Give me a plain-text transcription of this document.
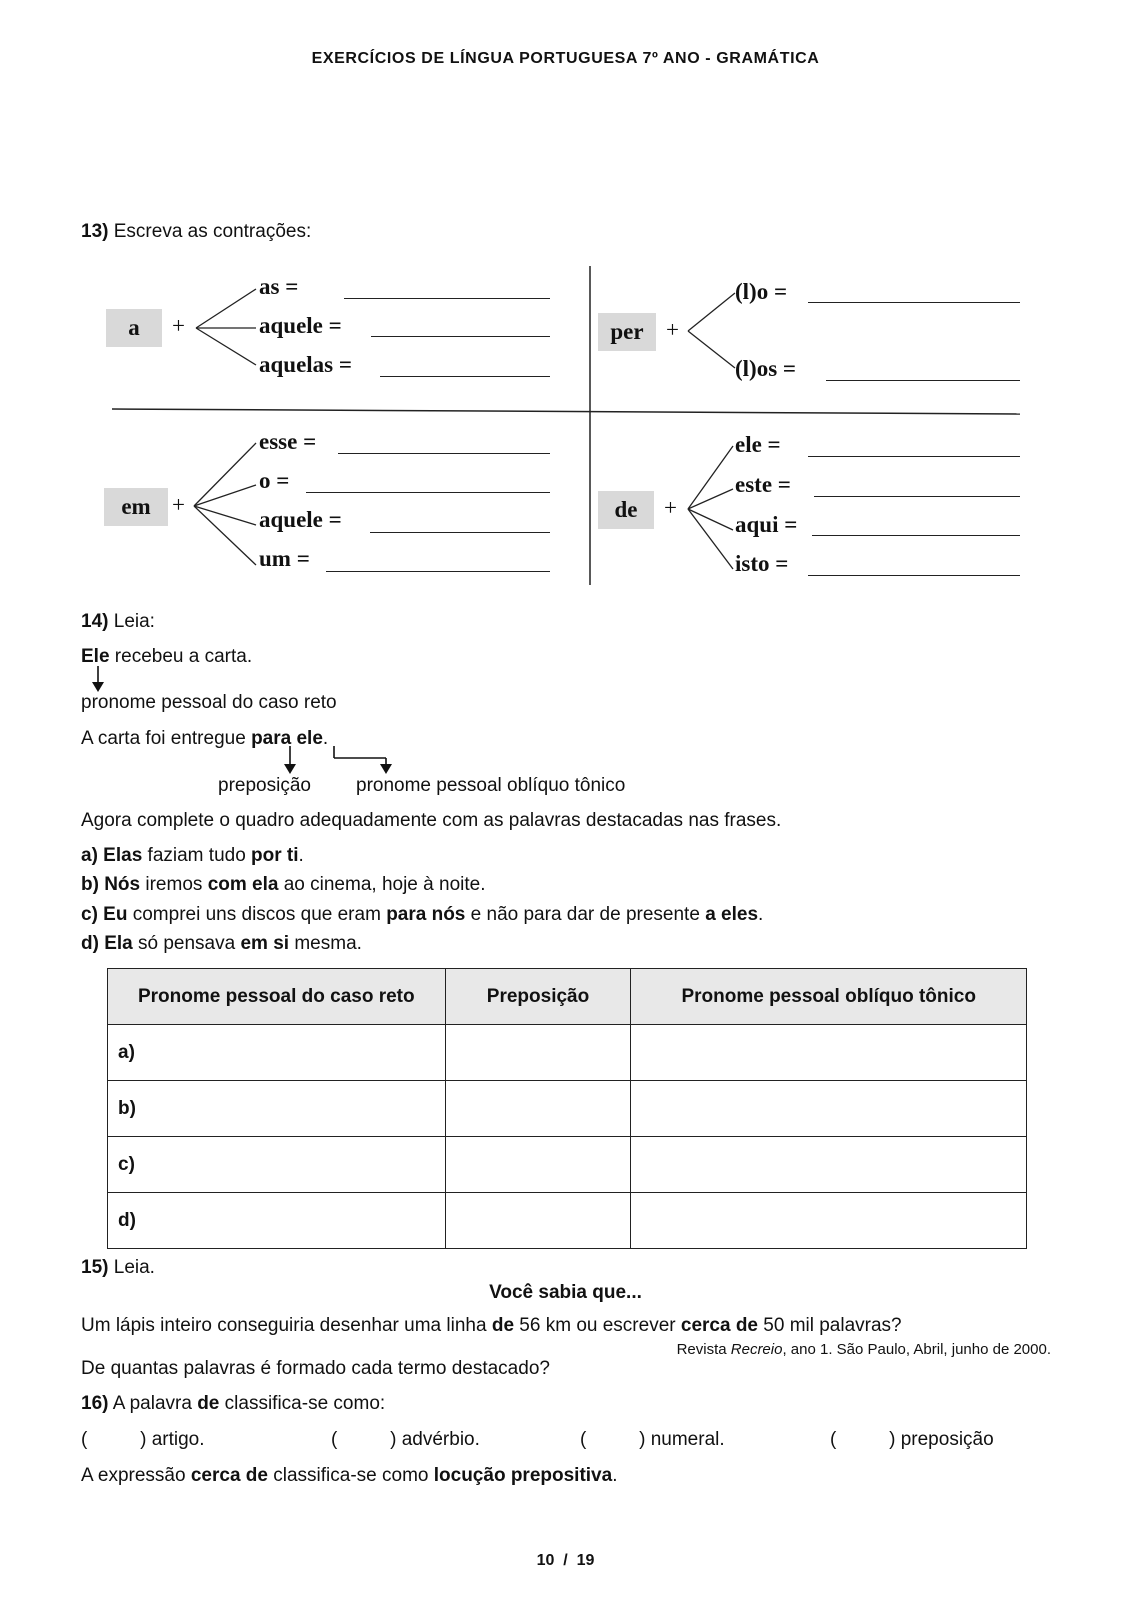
EXERCÍCIOS DE LÍNGUA PORTUGUESA 7º ANO - GRAMÁTICA
13) Escreva as contrações:
a	+
as =
aquele =
aquelas =
per +
(l)o =
(l)os =
em +
esse =
o =
aquele =
um =
de	+
ele =
este =
aqui =
isto =
14) Leia:
Ele recebeu a carta.
pronome pessoal do caso reto
A carta foi entregue para ele.
preposição pronome pessoal oblíquo tônico
Agora complete o quadro adequadamente com as palavras destacadas nas frases.
a) Elas faziam tudo por ti.
b) Nós iremos com ela ao cinema, hoje à noite.
c) Eu comprei uns discos que eram para nós e não para dar de presente a eles.
d) Ela só pensava em si mesma.
Pronome pessoal do caso reto	Preposição	Pronome pessoal oblíquo tônico
a)		
b)		
c)		
d)		
15) Leia.
Você sabia que...
Um lápis inteiro conseguiria desenhar uma linha de 56 km ou escrever cerca de 50 mil palavras?
Revista Recreio, ano 1. São Paulo, Abril, junho de 2000.
De quantas palavras é formado cada termo destacado?
16) A palavra de classifica-se como:
(          ) artigo.	(          ) advérbio.	(          ) numeral.	(          ) preposição
A expressão cerca de classifica-se como locução prepositiva.
10  /  19
